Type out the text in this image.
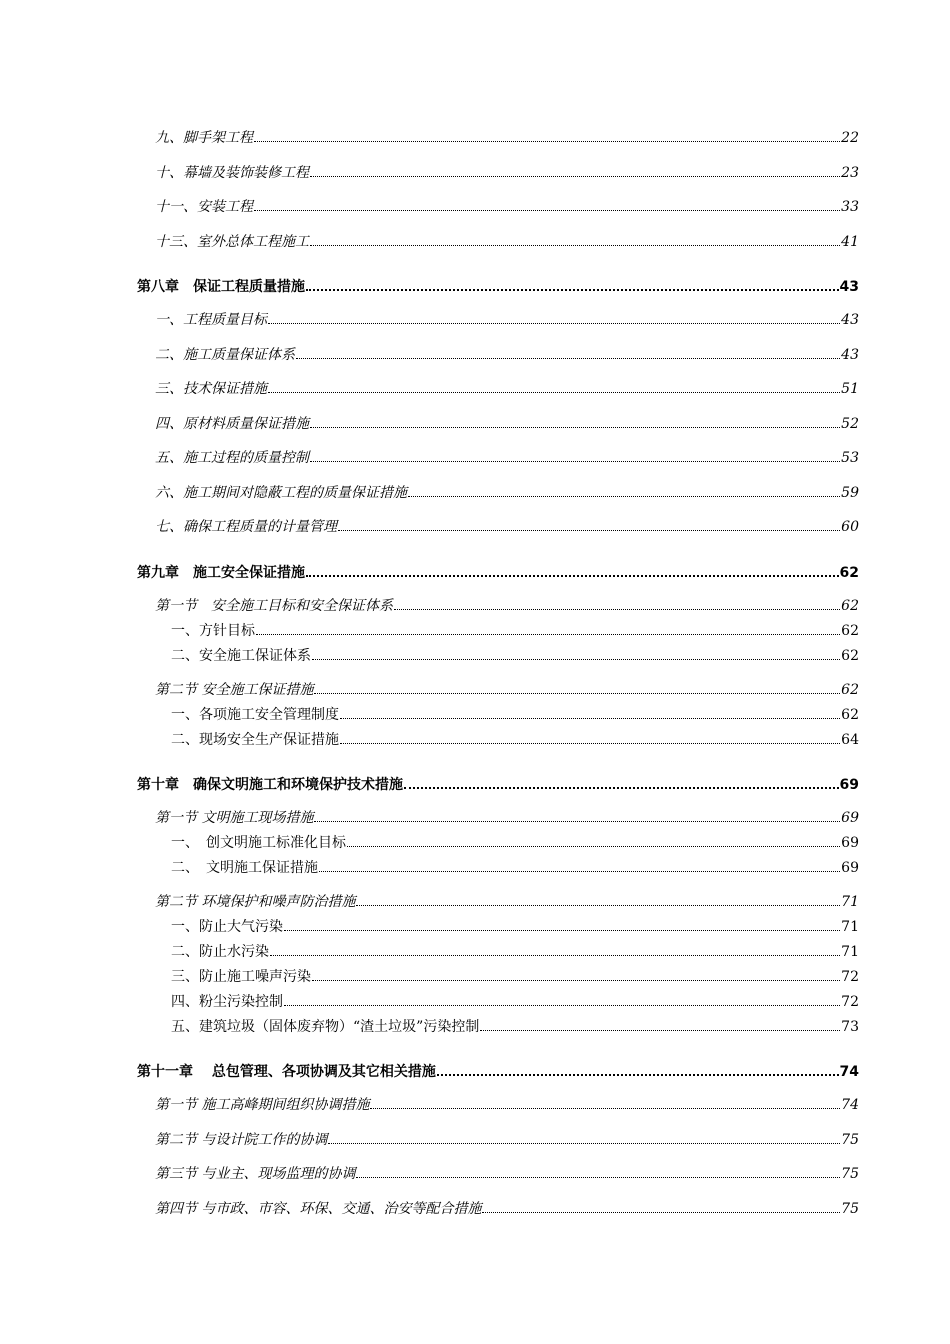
九、脚手架工程	22
十、幕墙及装饰装修工程	23
十一、安装工程	33
十三、室外总体工程施工	41
第八章　保证工程质量措施	43
一、工程质量目标	43
二、施工质量保证体系	43
三、技术保证措施	51
四、原材料质量保证措施	52
五、施工过程的质量控制	53
六、施工期间对隐蔽工程的质量保证措施	59
七、确保工程质量的计量管理	60
第九章　施工安全保证措施	62
第一节　安全施工目标和安全保证体系	62
一、方针目标	62
二、安全施工保证体系	62
第二节 安全施工保证措施	62
一、各项施工安全管理制度	62
二、现场安全生产保证措施	64
第十章　确保文明施工和环境保护技术措施	69
第一节 文明施工现场措施	69
一、　创文明施工标准化目标	69
二、　文明施工保证措施	69
第二节 环境保护和噪声防治措施	71
一、防止大气污染	71
二、防止水污染	71
三、防止施工噪声污染	72
四、粉尘污染控制	72
五、建筑垃圾（固体废弃物）“渣土垃圾”污染控制	73
第十一章　 总包管理、各项协调及其它相关措施	74
第一节 施工高峰期间组织协调措施	74
第二节 与设计院工作的协调	75
第三节 与业主、现场监理的协调	75
第四节 与市政、市容、环保、交通、治安等配合措施	75
